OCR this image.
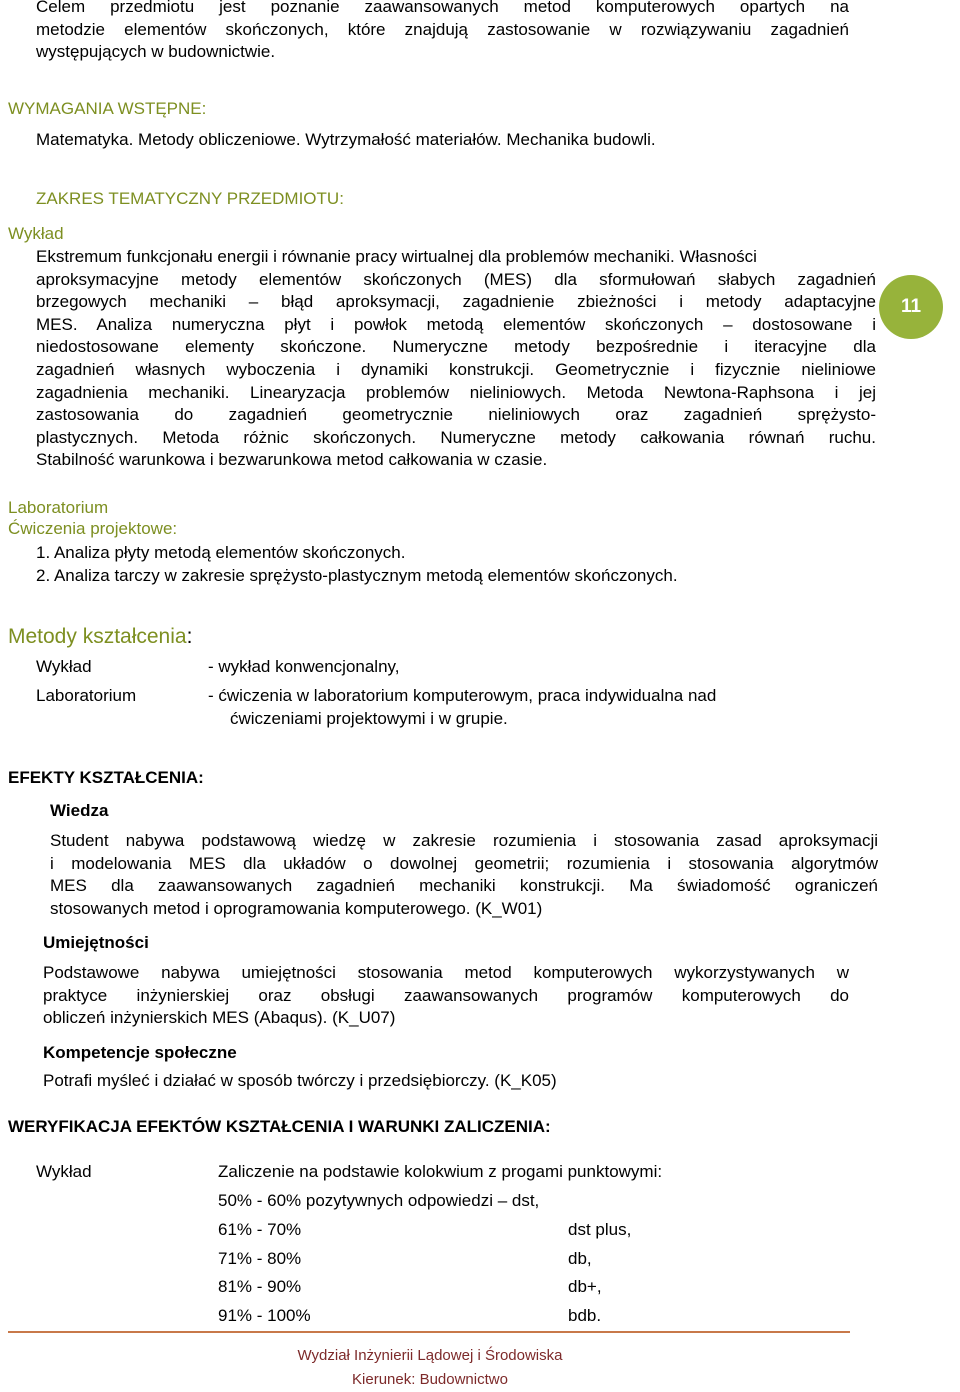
Celem przedmiotu jest poznanie zaawansowanych metod komputerowych opartych na
metodzie elementów skończonych, które znajdują zastosowanie w rozwiązywaniu zagadnień
występujących w budownictwie.
WYMAGANIA WSTĘPNE:
Matematyka. Metody obliczeniowe. Wytrzymałość materiałów. Mechanika budowli.
ZAKRES TEMATYCZNY PRZEDMIOTU:
Wykład
Ekstremum funkcjonału energii i równanie pracy wirtualnej dla problemów mechaniki. Własności
aproksymacyjne metody elementów skończonych (MES) dla sformułowań słabych zagadnień
brzegowych mechaniki – błąd aproksymacji, zagadnienie zbieżności i metody adaptacyjne
MES. Analiza numeryczna płyt i powłok metodą elementów skończonych – dostosowane i
niedostosowane elementy skończone. Numeryczne metody bezpośrednie i iteracyjne dla
zagadnień własnych wyboczenia i dynamiki konstrukcji. Geometrycznie i fizycznie nieliniowe
zagadnienia mechaniki. Linearyzacja problemów nieliniowych. Metoda Newtona-Raphsona i jej
zastosowania do zagadnień geometrycznie nieliniowych oraz zagadnień sprężysto-
plastycznych. Metoda różnic skończonych. Numeryczne metody całkowania równań ruchu.
Stabilność warunkowa i bezwarunkowa metod całkowania w czasie.
11
Laboratorium
Ćwiczenia projektowe:
1. Analiza płyty metodą elementów skończonych.
2. Analiza tarczy w zakresie sprężysto-plastycznym metodą elementów skończonych.
Metody kształcenia:
Wykład	- wykład konwencjonalny,
Laboratorium	- ćwiczenia w laboratorium komputerowym, praca indywidualna nad
ćwiczeniami projektowymi i w grupie.
EFEKTY KSZTAŁCENIA:
Wiedza
Student nabywa podstawową wiedzę w zakresie rozumienia i stosowania zasad aproksymacji
i modelowania MES dla układów o dowolnej geometrii; rozumienia i stosowania algorytmów
MES dla zaawansowanych zagadnień mechaniki konstrukcji. Ma świadomość ograniczeń
stosowanych metod i oprogramowania komputerowego. (K_W01)
Umiejętności
Podstawowe nabywa umiejętności stosowania metod komputerowych wykorzystywanych w
praktyce inżynierskiej oraz obsługi zaawansowanych programów komputerowych do
obliczeń inżynierskich MES (Abaqus). (K_U07)
Kompetencje społeczne
Potrafi myśleć i działać w sposób twórczy i przedsiębiorczy. (K_K05)
WERYFIKACJA EFEKTÓW KSZTAŁCENIA I WARUNKI ZALICZENIA:
Wykład	Zaliczenie na podstawie kolokwium z progami punktowymi:
50% - 60% pozytywnych odpowiedzi – dst,
61% - 70%	dst plus,
71% - 80%	db,
81% - 90%	db+,
91% - 100%	bdb.
Wydział Inżynierii Lądowej i Środowiska
Kierunek: Budownictwo
